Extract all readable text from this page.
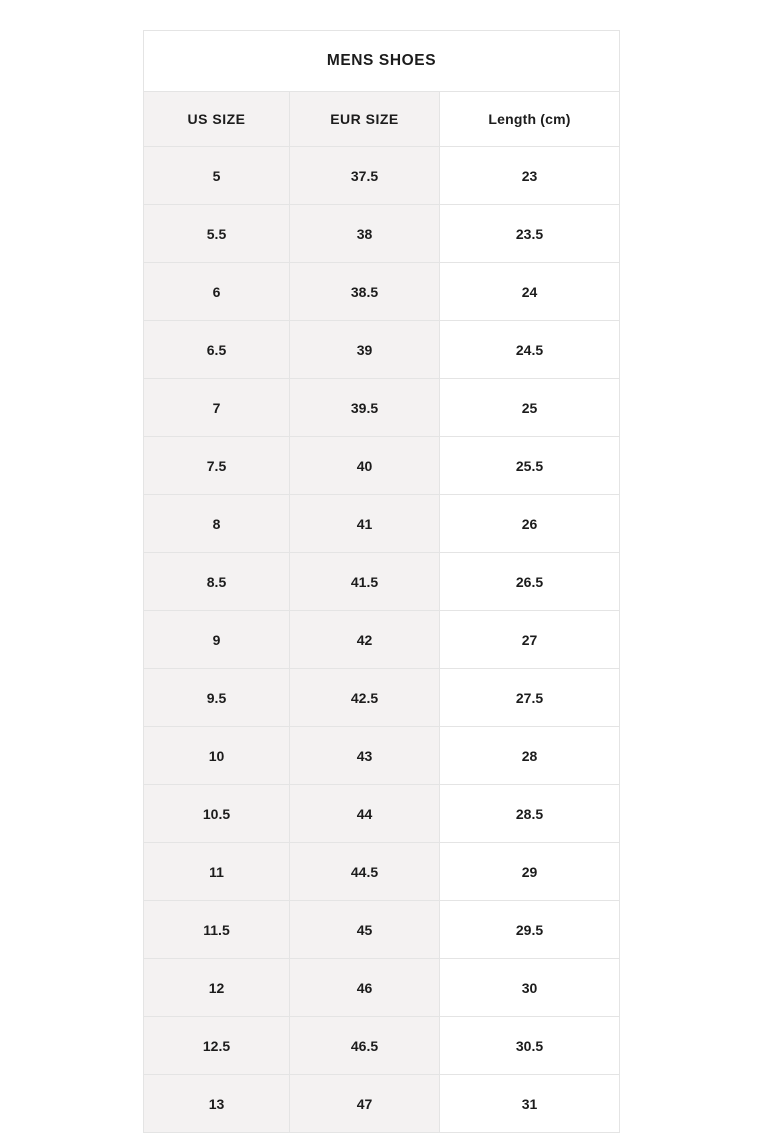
MENS SHOES		
US SIZE	EUR SIZE	Length (cm)
5	37.5	23
5.5	38	23.5
6	38.5	24
6.5	39	24.5
7	39.5	25
7.5	40	25.5
8	41	26
8.5	41.5	26.5
9	42	27
9.5	42.5	27.5
10	43	28
10.5	44	28.5
11	44.5	29
11.5	45	29.5
12	46	30
12.5	46.5	30.5
13	47	31
